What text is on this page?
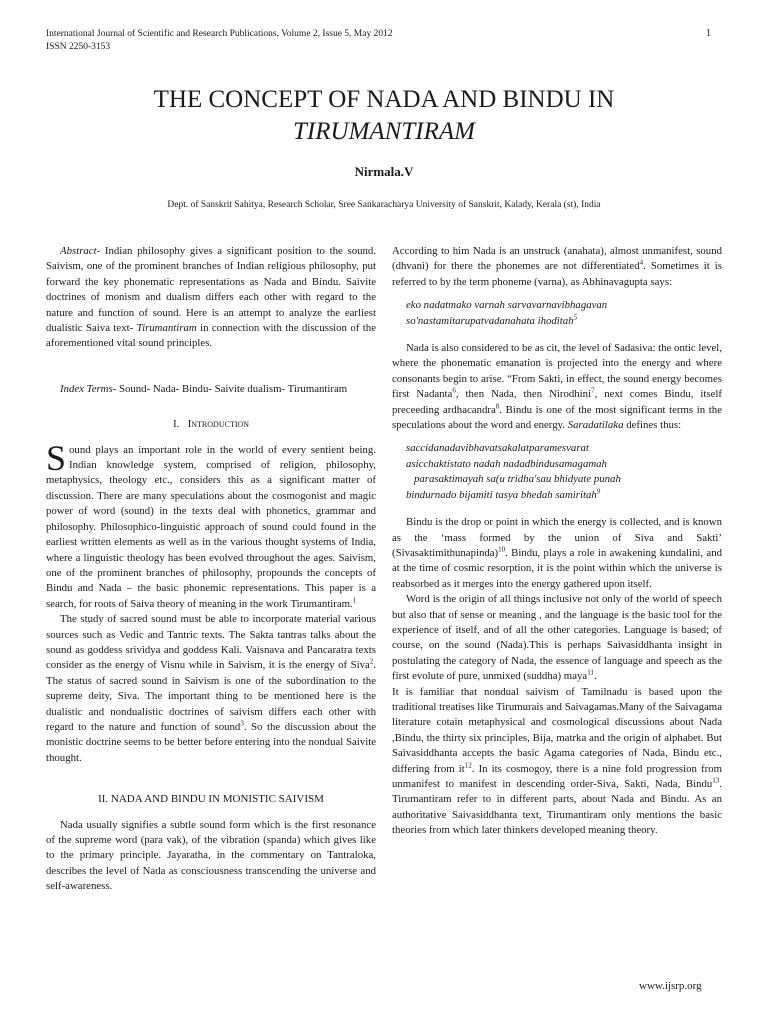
International Journal of Scientific and Research Publications, Volume 2, Issue 5, May 2012
ISSN 2250-3153
1
THE CONCEPT OF NADA AND BINDU IN
TIRUMANTIRAM
Nirmala.V
Dept. of Sanskrit Sahitya, Research Scholar, Sree Sankaracharya University of Sanskrit, Kalady, Kerala (st), India

Abstract- Indian philosophy gives a significant position to the sound. Saivism, one of the prominent branches of Indian religious philosophy, put forward the key phonematic representations as Nada and Bindu. Saivite doctrines of monism and dualism differs each other with regard to the nature and function of sound. Here is an attempt to analyze the earliest dualistic Saiva text- Tirumantiram in connection with the discussion of the aforementioned vital sound principles.

Index Terms- Sound- Nada- Bindu- Saivite dualism- Tirumantiram

I. Introduction

Sound plays an important role in the world of every sentient being. Indian knowledge system, comprised of religion, philosophy, metaphysics, theology etc., considers this as a significant matter of discussion. There are many speculations about the cosmogonist and magic power of word (sound) in the texts deal with phonetics, grammar and philosophy. Philosophico-linguistic approach of sound could found in the earliest written elements as well as in the various thought systems of India, where a linguistic theology has been evolved throughout the ages. Saivism, one of the prominent branches of philosophy, propounds the concepts of Bindu and Nada – the basic phonemic representations. This paper is a search, for roots of Saiva theory of meaning in the work Tirumantiram.$^1$

The study of sacred sound must be able to incorporate material various sources such as Vedic and Tantric texts. The Sakta tantras talks about the sound as goddess srividya and goddess Kali. Vaisnava and Pancaratra texts consider as the energy of Visnu while in Saivism, it is the energy of Siva$^2$. The status of sacred sound in Saivism is one of the subordination to the supreme deity, Siva. The important thing to be mentioned here is the dualistic and nondualistic doctrines of saivism differs each other with regard to the nature and function of sound$^3$. So the discussion about the monistic doctrine seems to be better before entering into the nondual Saivite thought.

II. NADA AND BINDU IN MONISTIC SAIVISM

Nada usually signifies a subtle sound form which is the first resonance of the supreme word (para vak), of the vibration (spanda) which gives like to the primary principle. Jayaratha, in the commentary on Tantraloka, describes the level of Nada as consciousness transcending the universe and self-awareness.

According to him Nada is an unstruck (anahata), almost unmanifest, sound (dhvani) for there the phonemes are not differentiated$^4$. Sometimes it is referred to by the term phoneme (varna), as Abhinavagupta says:

eko nadatmako varnah sarvavarnavibhagavan
so'nastamitarupatvadanahata ihoditah$^5$

Nada is also considered to be as cit, the level of Sadasiva: the ontic level, where the phonematic emanation is projected into the energy and where consonants begin to arise. “From Sakti, in effect, the sound energy becomes first Nadanta$^6$, then Nada, then Nirodhini$^7$, next comes Bindu, itself preceeding ardhacandra$^8$. Bindu is one of the most significant terms in the speculations about the word and energy. Saradatilaka defines thus:

saccidanadavibhavatsakalatparamesvarat
asicchaktistato nadah nadadbindusamagamah
parasaktimayah sa(u tridha'sau bhidyate punah
bindurnado bijamiti tasya bhedah samiritah$^9$

Bindu is the drop or point in which the energy is collected, and is known as the ‘mass formed by the union of Siva and Sakti’ (Sivasaktimithunapinda)$^{10}$. Bindu, plays a role in awakening kundalini, and at the time of cosmic resorption, it is the point within which the universe is reabsorbed as it merges into the energy gathered upon itself.

Word is the origin of all things inclusive not only of the world of speech but also that of sense or meaning , and the language is the basic tool for the experience of itself, and of all the other categories. Language is based; of course, on the sound (Nada).This is perhaps Saivasiddhanta insight in postulating the category of Nada, the essence of language and speech as the first evolute of pure, unmixed (suddha) maya$^{11}$.

It is familiar that nondual saivism of Tamilnadu is based upon the traditional treatises like Tirumurais and Saivagamas.Many of the Saivagama literature cotain metaphysical and cosmological discussions about Nada ,Bindu, the thirty six principles, Bija, matrka and the origin of alphabet. But Saivasiddhanta accepts the basic Agama categories of Nada, Bindu etc., differing from $it^{12}$. In its cosmogoy, there is a nine fold progression from unmanifest to manifest in descending order-Siva, Sakti, Nada, Bindu$^{13}$. Tirumantiram refer to in different parts, about Nada and Bindu. As an authoritative Saivasiddhanta text, Tirumantiram only mentions the basic theories from which later thinkers developed meaning theory.

www.ijsrp.org
